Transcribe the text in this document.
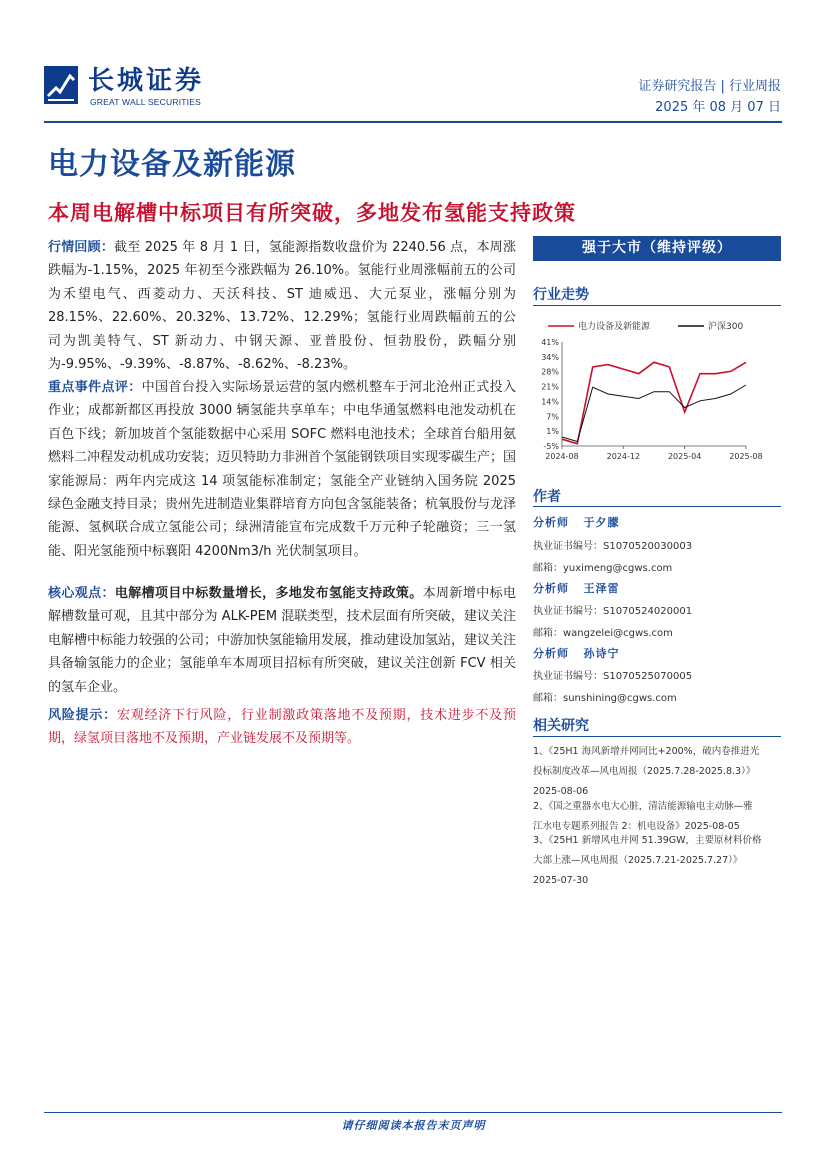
长城证券
GREAT WALL SECURITIES
证券研究报告 | 行业周报
2025 年 08 月 07 日
电力设备及新能源
本周电解槽中标项目有所突破，多地发布氢能支持政策
行情回顾：截至 2025 年 8 月 1 日，氢能源指数收盘价为 2240.56 点，本周涨跌幅为-1.15%，2025 年初至今涨跌幅为 26.10%。氢能行业周涨幅前五的公司为禾望电气、西菱动力、天沃科技、ST 迪威迅、大元泵业，涨幅分别为 28.15%、22.60%、20.32%、13.72%、12.29%；氢能行业周跌幅前五的公司为凯美特气、ST 新动力、中钢天源、亚普股份、恒勃股份，跌幅分别为-9.95%、-9.39%、-8.87%、-8.62%、-8.23%。
重点事件点评：中国首台投入实际场景运营的氢内燃机整车于河北沧州正式投入作业；成都新都区再投放 3000 辆氢能共享单车；中电华通氢燃料电池发动机在百色下线；新加坡首个氢能数据中心采用 SOFC 燃料电池技术；全球首台船用氨燃料二冲程发动机成功安装；迈贝特助力非洲首个氢能钢铁项目实现零碳生产；国家能源局：两年内完成这 14 项氢能标准制定；氢能全产业链纳入国务院 2025 绿色金融支持目录；贵州先进制造业集群培育方向包含氢能装备；杭氧股份与龙泽能源、氢枫联合成立氢能公司；绿洲清能宣布完成数千万元种子轮融资；三一氢能、阳光氢能预中标襄阳 4200Nm3/h 光伏制氢项目。
核心观点：电解槽项目中标数量增长，多地发布氢能支持政策。本周新增中标电解槽数量可观，且其中部分为 ALK-PEM 混联类型，技术层面有所突破，建议关注电解槽中标能力较强的公司；中游加快氢能输用发展，推动建设加氢站，建议关注具备输氢能力的企业；氢能单车本周项目招标有所突破，建议关注创新 FCV 相关的氢车企业。
风险提示：宏观经济下行风险，行业制激政策落地不及预期，技术进步不及预期，绿氢项目落地不及预期，产业链发展不及预期等。
强于大市（维持评级）
行业走势
41%
34%
28%
21%
14%
7%
1%
-5%
2024-08	2024-12	2025-04	2025-08
电力设备及新能源	沪深300
作者
分析师 于夕朦
执业证书编号：S1070520030003
邮箱：yuximeng@cgws.com
分析师 王泽雷
执业证书编号：S1070524020001
邮箱：wangzelei@cgws.com
分析师 孙诗宁
执业证书编号：S1070525070005
邮箱：sunshining@cgws.com
相关研究
1、《25H1 海风新增并网同比+200%，破内卷推进光
投标制度改革—风电周报（2025.7.28-2025.8.3）》
2025-08-06
2、《国之重器水电大心脏，清洁能源输电主动脉—雅
江水电专题系列报告 2：机电设备》2025-08-05
3、《25H1 新增风电并网 51.39GW，主要原材料价格
大部上涨—风电周报（2025.7.21-2025.7.27）》
2025-07-30
请仔细阅读本报告末页声明
